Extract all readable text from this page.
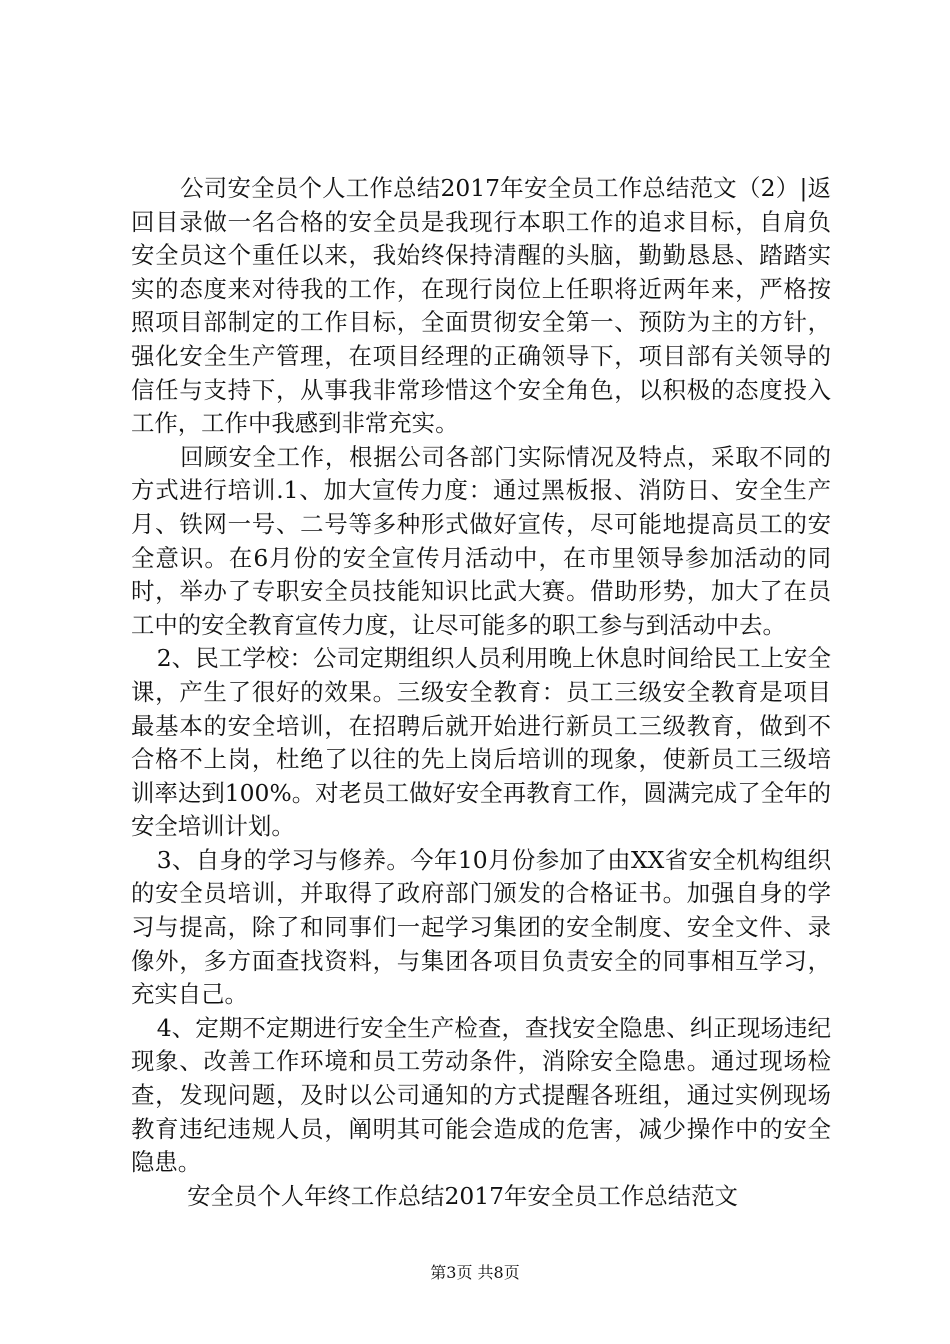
公司安全员个人工作总结2017年安全员工作总结范文（2）|返回目录做一名合格的安全员是我现行本职工作的追求目标，自肩负安全员这个重任以来，我始终保持清醒的头脑，勤勤恳恳、踏踏实实的态度来对待我的工作，在现行岗位上任职将近两年来，严格按照项目部制定的工作目标，全面贯彻安全第一、预防为主的方针，强化安全生产管理，在项目经理的正确领导下，项目部有关领导的信任与支持下，从事我非常珍惜这个安全角色，以积极的态度投入工作，工作中我感到非常充实。

回顾安全工作，根据公司各部门实际情况及特点，采取不同的方式进行培训.1、加大宣传力度：通过黑板报、消防日、安全生产月、铁网一号、二号等多种形式做好宣传，尽可能地提高员工的安全意识。在6月份的安全宣传月活动中，在市里领导参加活动的同时，举办了专职安全员技能知识比武大赛。借助形势，加大了在员工中的安全教育宣传力度，让尽可能多的职工参与到活动中去。

2、民工学校：公司定期组织人员利用晚上休息时间给民工上安全课，产生了很好的效果。三级安全教育：员工三级安全教育是项目最基本的安全培训，在招聘后就开始进行新员工三级教育，做到不合格不上岗，杜绝了以往的先上岗后培训的现象，使新员工三级培训率达到100%。对老员工做好安全再教育工作，圆满完成了全年的安全培训计划。

3、自身的学习与修养。今年10月份参加了由XX省安全机构组织的安全员培训，并取得了政府部门颁发的合格证书。加强自身的学习与提高，除了和同事们一起学习集团的安全制度、安全文件、录像外，多方面查找资料，与集团各项目负责安全的同事相互学习，充实自己。

4、定期不定期进行安全生产检查，查找安全隐患、纠正现场违纪现象、改善工作环境和员工劳动条件，消除安全隐患。通过现场检查，发现问题，及时以公司通知的方式提醒各班组，通过实例现场教育违纪违规人员，阐明其可能会造成的危害，减少操作中的安全隐患。

安全员个人年终工作总结2017年安全员工作总结范文

第3页 共8页
